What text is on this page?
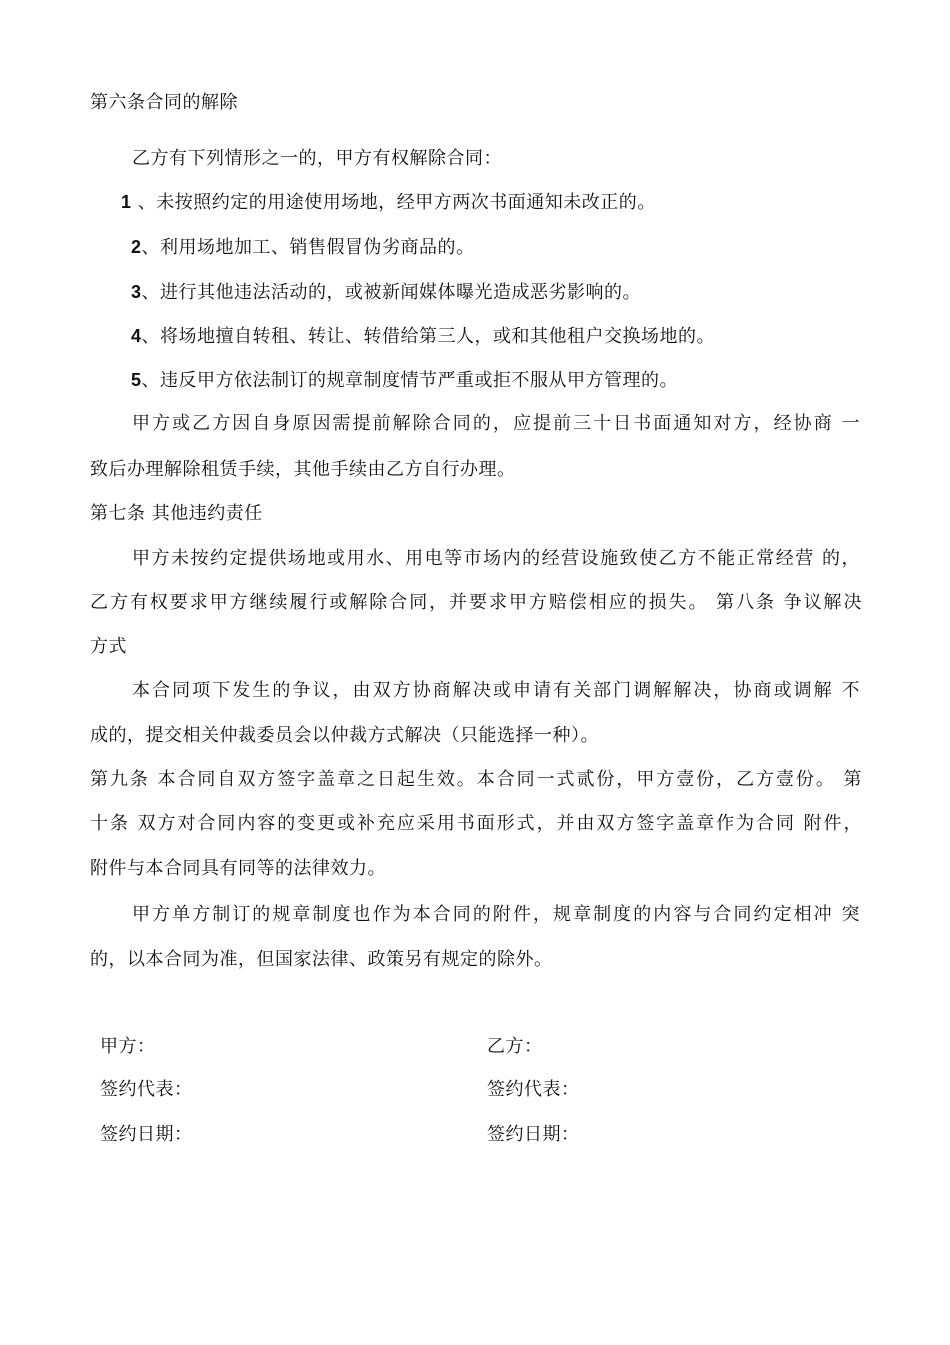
第六条合同的解除
乙方有下列情形之一的，甲方有权解除合同：
1 、未按照约定的用途使用场地，经甲方两次书面通知未改正的。
2、利用场地加工、销售假冒伪劣商品的。
3、进行其他违法活动的，或被新闻媒体曝光造成恶劣影响的。
4、将场地擅自转租、转让、转借给第三人，或和其他租户交换场地的。
5、违反甲方依法制订的规章制度情节严重或拒不服从甲方管理的。
甲方或乙方因自身原因需提前解除合同的，应提前三十日书面通知对方，经协商 一
致后办理解除租赁手续，其他手续由乙方自行办理。
第七条 其他违约责任
甲方未按约定提供场地或用水、用电等市场内的经营设施致使乙方不能正常经营 的，
乙方有权要求甲方继续履行或解除合同，并要求甲方赔偿相应的损失。 第八条 争议解决
方式
本合同项下发生的争议，由双方协商解决或申请有关部门调解解决，协商或调解 不
成的，提交相关仲裁委员会以仲裁方式解决（只能选择一种）。
第九条 本合同自双方签字盖章之日起生效。本合同一式贰份，甲方壹份，乙方壹份。 第
十条 双方对合同内容的变更或补充应采用书面形式，并由双方签字盖章作为合同 附件，
附件与本合同具有同等的法律效力。
甲方单方制订的规章制度也作为本合同的附件，规章制度的内容与合同约定相冲 突
的，以本合同为准，但国家法律、政策另有规定的除外。
甲方：	乙方：
签约代表：	签约代表：
签约日期：	签约日期：
